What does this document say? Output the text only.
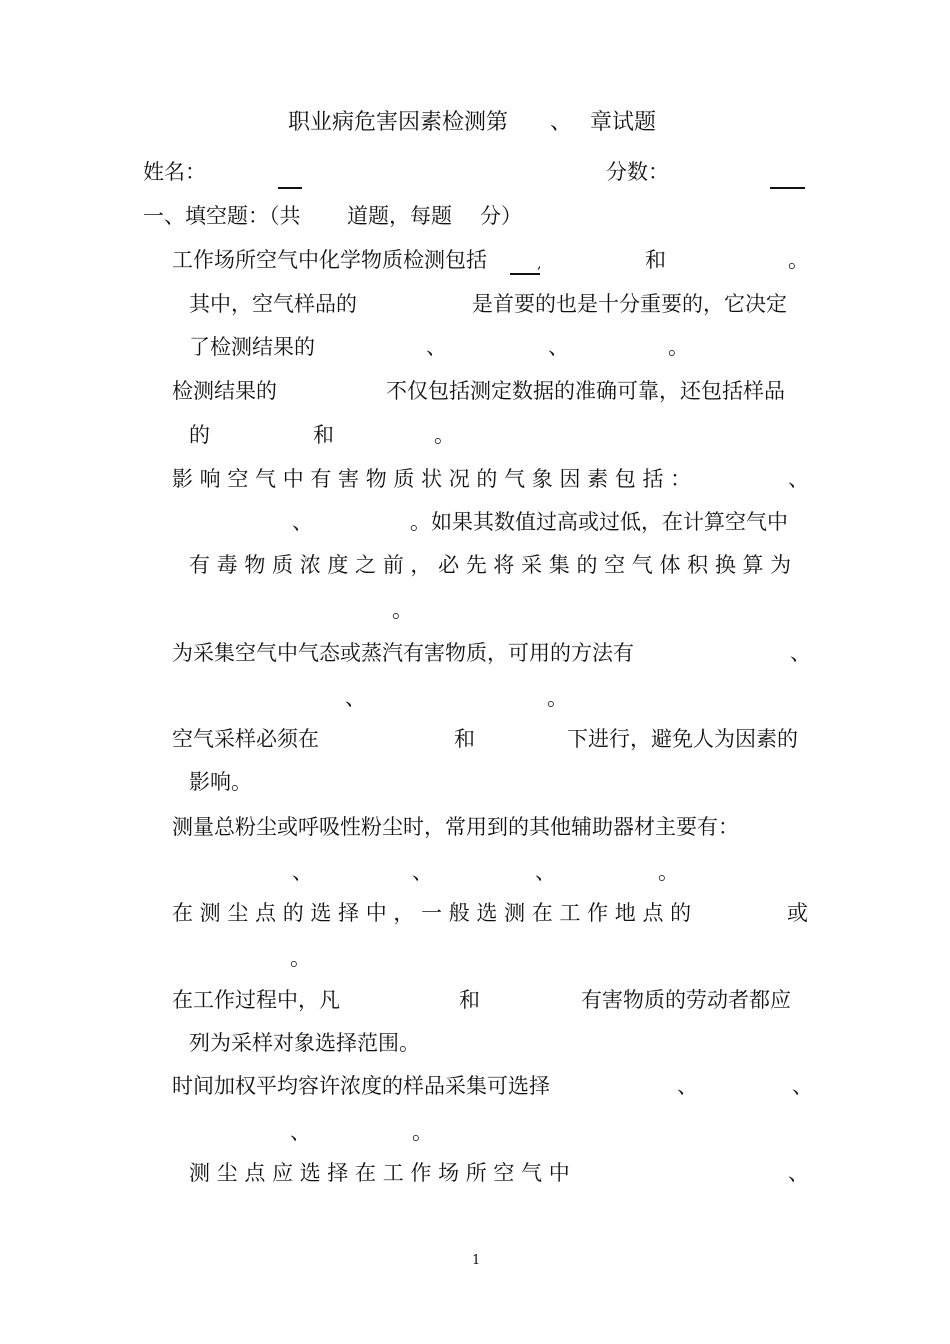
职业病危害因素检测第 、 章试题
姓名：	分数：
一、填空题：（共 道题，每题 分）
工作场所空气中化学物质检测包括	,	和	。
其中，空气样品的	是首要的也是十分重要的，它决定
了检测结果的	、	、	。
检测结果的	不仅包括测定数据的准确可靠，还包括样品
的	和	。
影 响 空 气 中 有 害 物 质 状 况 的 气 象 因 素 包 括 ：	、
、	。如果其数值过高或过低，在计算空气中
有 毒 物 质 浓 度 之 前 ， 必 先 将 采 集 的 空 气 体 积 换 算 为
。
为采集空气中气态或蒸汽有害物质，可用的方法有	、
、	。
空气采样必须在	和	下进行，避免人为因素的
影响。
测量总粉尘或呼吸性粉尘时，常用到的其他辅助器材主要有：
、	、	、	。
在 测 尘 点 的 选 择 中 ， 一 般 选 测 在 工 作 地 点 的	或
。
在工作过程中，凡	和	有害物质的劳动者都应
列为采样对象选择范围。
时间加权平均容许浓度的样品采集可选择	、	、
、	。
测 尘 点 应 选 择 在 工 作 场 所 空 气 中	、
1
